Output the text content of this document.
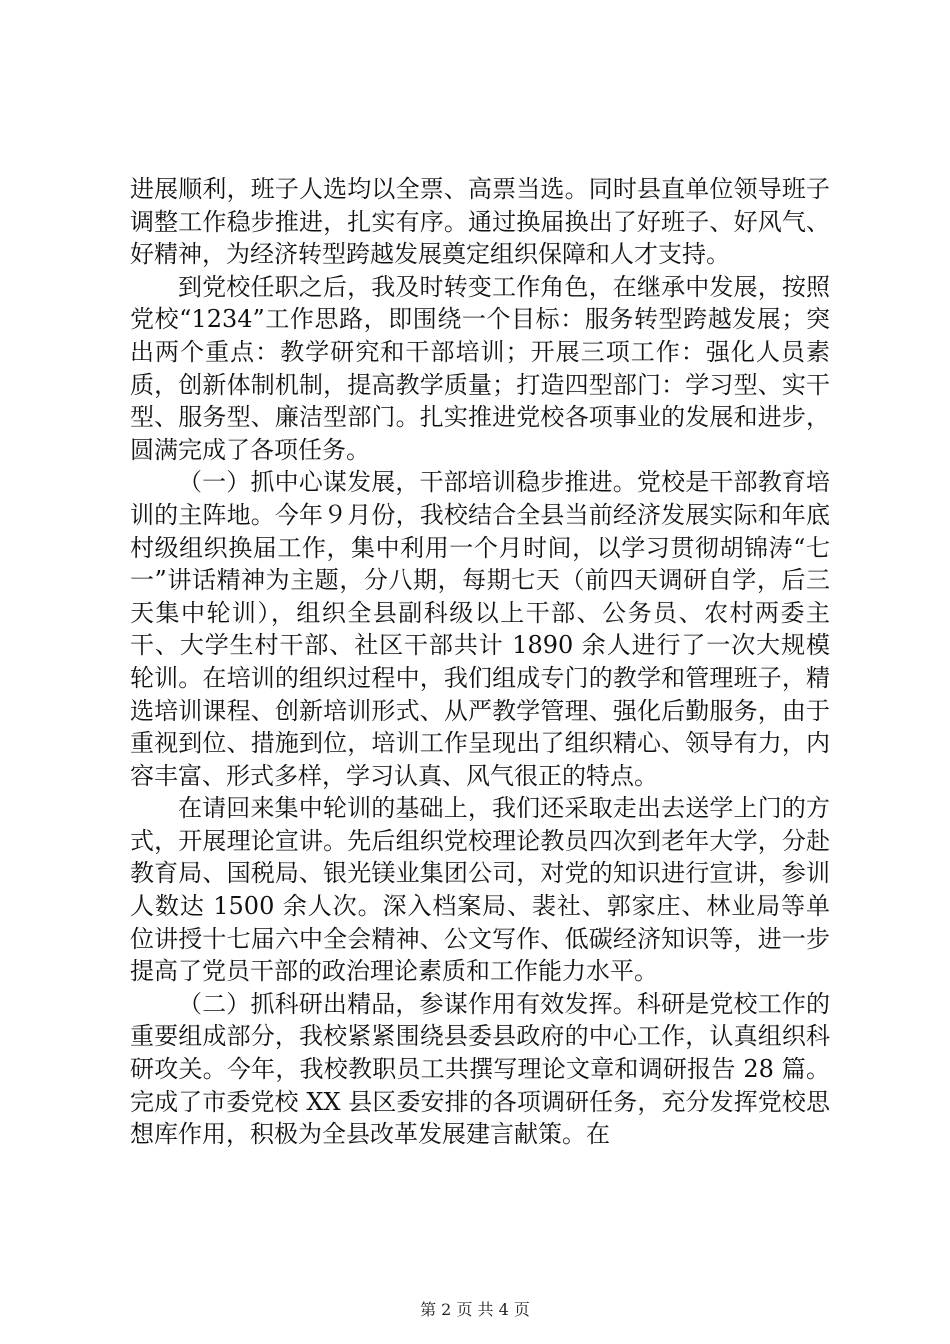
进展顺利，班子人选均以全票、高票当选。同时县直单位领导班子调整工作稳步推进，扎实有序。通过换届换出了好班子、好风气、好精神，为经济转型跨越发展奠定组织保障和人才支持。

到党校任职之后，我及时转变工作角色，在继承中发展，按照党校“1234”工作思路，即围绕一个目标：服务转型跨越发展；突出两个重点：教学研究和干部培训；开展三项工作：强化人员素质，创新体制机制，提高教学质量；打造四型部门：学习型、实干型、服务型、廉洁型部门。扎实推进党校各项事业的发展和进步，圆满完成了各项任务。

（一）抓中心谋发展，干部培训稳步推进。党校是干部教育培训的主阵地。今年９月份，我校结合全县当前经济发展实际和年底村级组织换届工作，集中利用一个月时间，以学习贯彻胡锦涛“七一”讲话精神为主题，分八期，每期七天（前四天调研自学，后三天集中轮训），组织全县副科级以上干部、公务员、农村两委主干、大学生村干部、社区干部共计 1890 余人进行了一次大规模轮训。在培训的组织过程中，我们组成专门的教学和管理班子，精选培训课程、创新培训形式、从严教学管理、强化后勤服务，由于重视到位、措施到位，培训工作呈现出了组织精心、领导有力，内容丰富、形式多样，学习认真、风气很正的特点。

在请回来集中轮训的基础上，我们还采取走出去送学上门的方式，开展理论宣讲。先后组织党校理论教员四次到老年大学，分赴教育局、国税局、银光镁业集团公司，对党的知识进行宣讲，参训人数达 1500 余人次。深入档案局、裴社、郭家庄、林业局等单位讲授十七届六中全会精神、公文写作、低碳经济知识等，进一步提高了党员干部的政治理论素质和工作能力水平。

（二）抓科研出精品，参谋作用有效发挥。科研是党校工作的重要组成部分，我校紧紧围绕县委县政府的中心工作，认真组织科研攻关。今年，我校教职员工共撰写理论文章和调研报告 28 篇。完成了市委党校 XX 县区委安排的各项调研任务，充分发挥党校思想库作用，积极为全县改革发展建言献策。在

第 2 页 共 4 页
